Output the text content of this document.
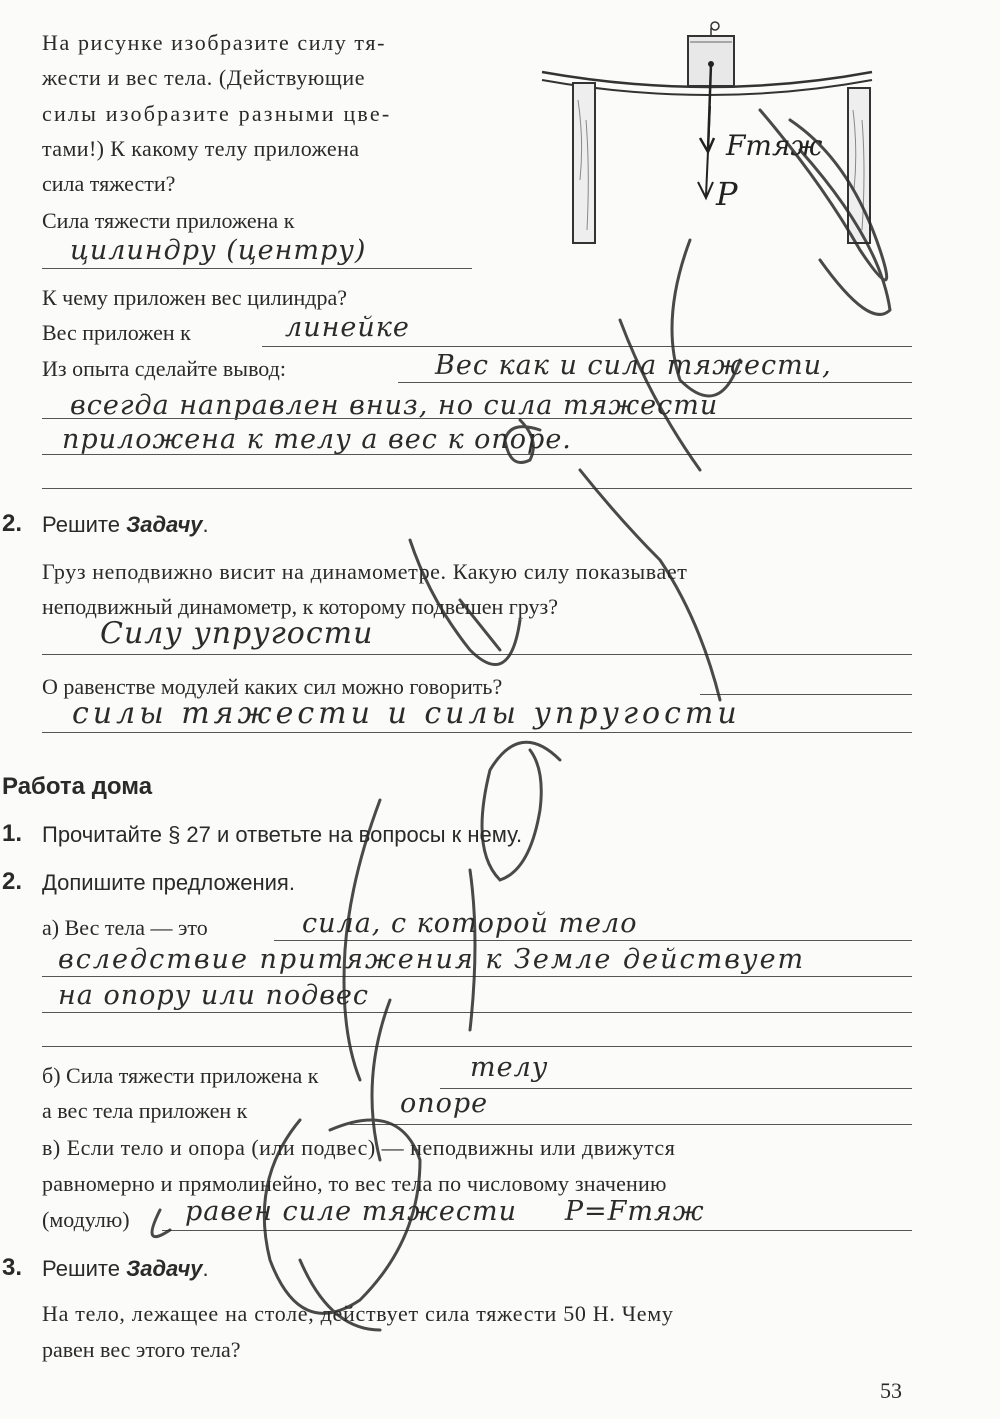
На рисунке изобразите силу тя-
жести и вес тела. (Действующие
силы изобразите разными цве-
тами!) К какому телу приложена
сила тяжести?
Сила тяжести приложена к
цилиндру (центру)
К чему приложен вес цилиндра?
Вес приложен к	линейке
Из опыта сделайте вывод:	Вес как и сила тяжести,
всегда направлен вниз, но сила тяжести
приложена к телу а вес к опоре.
Fтяж
P
2. Решите Задачу.
Груз неподвижно висит на динамометре. Какую силу показывает
неподвижный динамометр, к которому подвешен груз?
Силу упругости
О равенстве модулей каких сил можно говорить?
силы тяжести и силы упругости
Работа дома
1. Прочитайте § 27 и ответьте на вопросы к нему.
2. Допишите предложения.
а) Вес тела — это	сила, с которой тело
вследствие притяжения к Земле действует
на опору или подвес
б) Сила тяжести приложена к	телу
а вес тела приложен к	опоре
в) Если тело и опора (или подвес) — неподвижны или движутся
равномерно и прямолинейно, то вес тела по числовому значению
(модулю) равен силе тяжести     P=Fтяж
3. Решите Задачу.
На тело, лежащее на столе, действует сила тяжести 50 Н. Чему
равен вес этого тела?
53
